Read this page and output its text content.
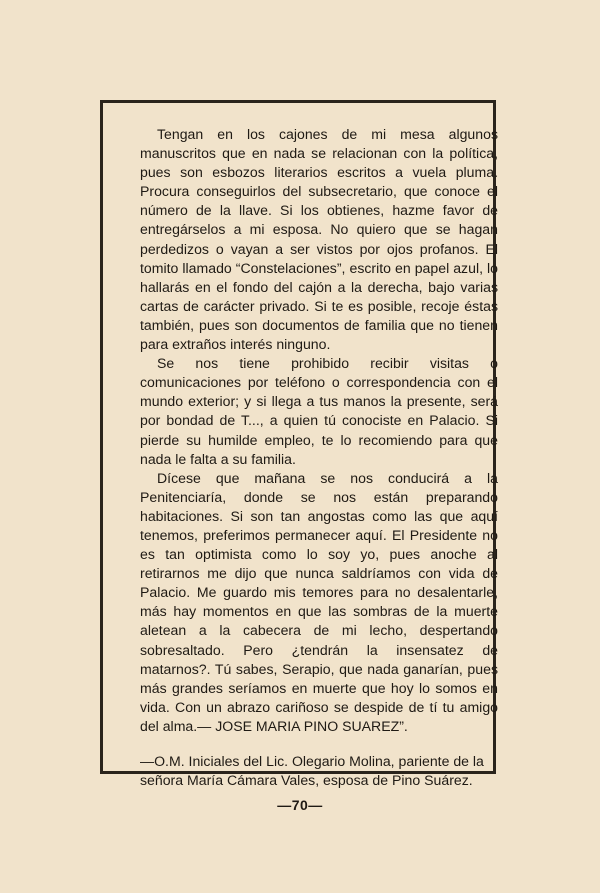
Tengan en los cajones de mi mesa algunos manuscritos que en nada se relacionan con la política, pues son esbozos literarios escritos a vuela pluma. Procura conseguirlos del subsecretario, que conoce el número de la llave. Si los obtienes, hazme favor de entregárselos a mi esposa. No quiero que se hagan perdedizos o vayan a ser vistos por ojos profanos. El tomito llamado “Constelaciones”, escrito en papel azul, lo hallarás en el fondo del cajón a la derecha, bajo varias cartas de carácter privado. Si te es posible, recoje éstas también, pues son documentos de familia que no tienen para extraños interés ninguno.

Se nos tiene prohibido recibir visitas o comunicaciones por teléfono o correspondencia con el mundo exterior; y si llega a tus manos la presente, será por bondad de T..., a quien tú conociste en Palacio. Si pierde su humilde empleo, te lo recomiendo para que nada le falta a su familia.

Dícese que mañana se nos conducirá a la Penitenciaría, donde se nos están preparando habitaciones. Si son tan angostas como las que aquí tenemos, preferimos permanecer aquí. El Presidente no es tan optimista como lo soy yo, pues anoche al retirarnos me dijo que nunca saldríamos con vida de Palacio. Me guardo mis temores para no desalentarle, más hay momentos en que las sombras de la muerte aletean a la cabecera de mi lecho, despertando sobresaltado. Pero ¿tendrán la insensatez de matarnos?. Tú sabes, Serapio, que nada ganarían, pues más grandes seríamos en muerte que hoy lo somos en vida. Con un abrazo cariñoso se despide de tí tu amigo del alma.— JOSE MARIA PINO SUAREZ”.

—O.M. Iniciales del Lic. Olegario Molina, pariente de la señora María Cámara Vales, esposa de Pino Suárez.

—70—
